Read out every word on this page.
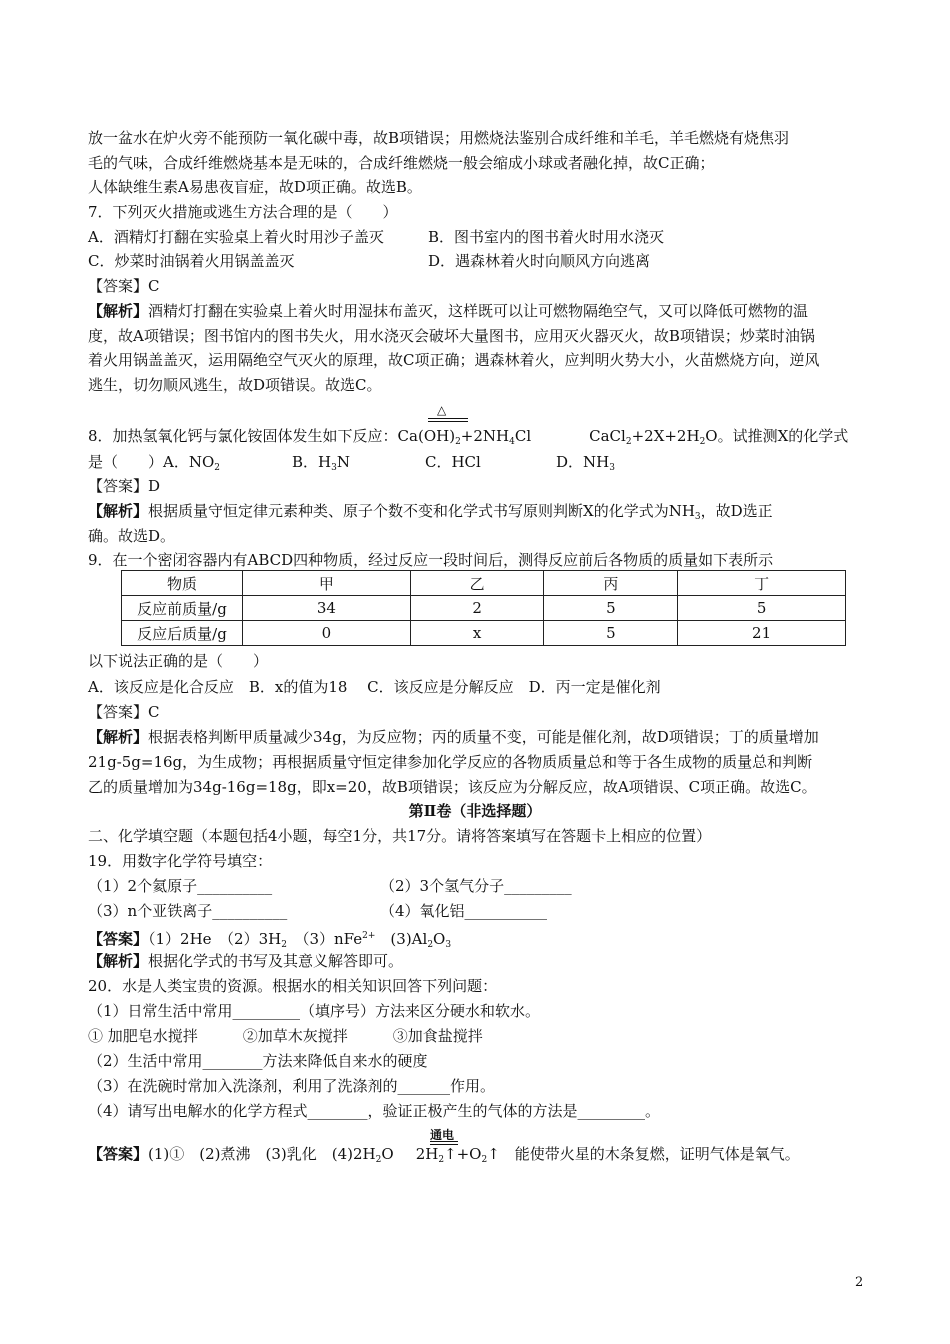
放一盆水在炉火旁不能预防一氧化碳中毒，故B项错误；用燃烧法鉴别合成纤维和羊毛，羊毛燃烧有烧焦羽
毛的气味，合成纤维燃烧基本是无味的，合成纤维燃烧一般会缩成小球或者融化掉，故C正确；
人体缺维生素A易患夜盲症，故D项正确。故选B。
7．下列灭火措施或逃生方法合理的是（　　）
A．酒精灯打翻在实验桌上着火时用沙子盖灭	B．图书室内的图书着火时用水浇灭
C．炒菜时油锅着火用锅盖盖灭	D．遇森林着火时向顺风方向逃离
【答案】C
【解析】酒精灯打翻在实验桌上着火时用湿抹布盖灭，这样既可以让可燃物隔绝空气，又可以降低可燃物的温
度，故A项错误；图书馆内的图书失火，用水浇灭会破坏大量图书，应用灭火器灭火，故B项错误；炒菜时油锅
着火用锅盖盖灭，运用隔绝空气灭火的原理，故C项正确；遇森林着火，应判明火势大小，火苗燃烧方向，逆风
逃生，切勿顺风逃生，故D项错误。故选C。
△
8．加热氢氧化钙与氯化铵固体发生如下反应：$Ca(OH)_2+2NH_4Cl$	$CaCl_2+2X+2H_2O$。试推测X的化学式
是（　　）A．$NO_2$	B．$H_3N$	C．HCl	D．$NH_3$
【答案】D
【解析】根据质量守恒定律元素种类、原子个数不变和化学式书写原则判断X的化学式为$NH_3$，故D选正
确。故选D。
9．在一个密闭容器内有ABCD四种物质，经过反应一段时间后，测得反应前后各物质的质量如下表所示
物质	甲	乙	丙	丁
反应前质量/g	34	2	5	5
反应后质量/g	0	x	5	21
以下说法正确的是（　　）
A．该反应是化合反应　B．x的值为18　 C．该反应是分解反应　D．丙一定是催化剂
【答案】C
【解析】根据表格判断甲质量减少34g，为反应物；丙的质量不变，可能是催化剂，故D项错误；丁的质量增加
21g-5g=16g，为生成物；再根据质量守恒定律参加化学反应的各物质质量总和等于各生成物的质量总和判断
乙的质量增加为34g-16g=18g，即x=20，故B项错误；该反应为分解反应，故A项错误、C项正确。故选C。
第Ⅱ卷（非选择题）
二、化学填空题（本题包括4小题，每空1分，共17分。请将答案填写在答题卡上相应的位置）
19．用数字化学符号填空：
（1）2个氦原子__________	（2）3个氢气分子_________
（3）n个亚铁离子__________	（4）氧化铝___________
【答案】（1）2He　$(2)3H_2$　（3）nFe$^{2+}$　$(3)Al_2O_3$
【解析】根据化学式的书写及其意义解答即可。
20．水是人类宝贵的资源。根据水的相关知识回答下列问题：
（1）日常生活中常用_________（填序号）方法来区分硬水和软水。
① 加肥皂水搅拌　　　②加草木灰搅拌　　　③加食盐搅拌
（2）生活中常用________方法来降低自来水的硬度
（3）在洗碗时常加入洗涤剂，利用了洗涤剂的_______作用。
（4）请写出电解水的化学方程式________，验证正极产生的气体的方法是_________。
通电
【答案】(1)①　(2)煮沸　(3)乳化　$(4)2H_2O$ $2H_2↑+O_2↑$　能使带火星的木条复燃，证明气体是氧气。
2
